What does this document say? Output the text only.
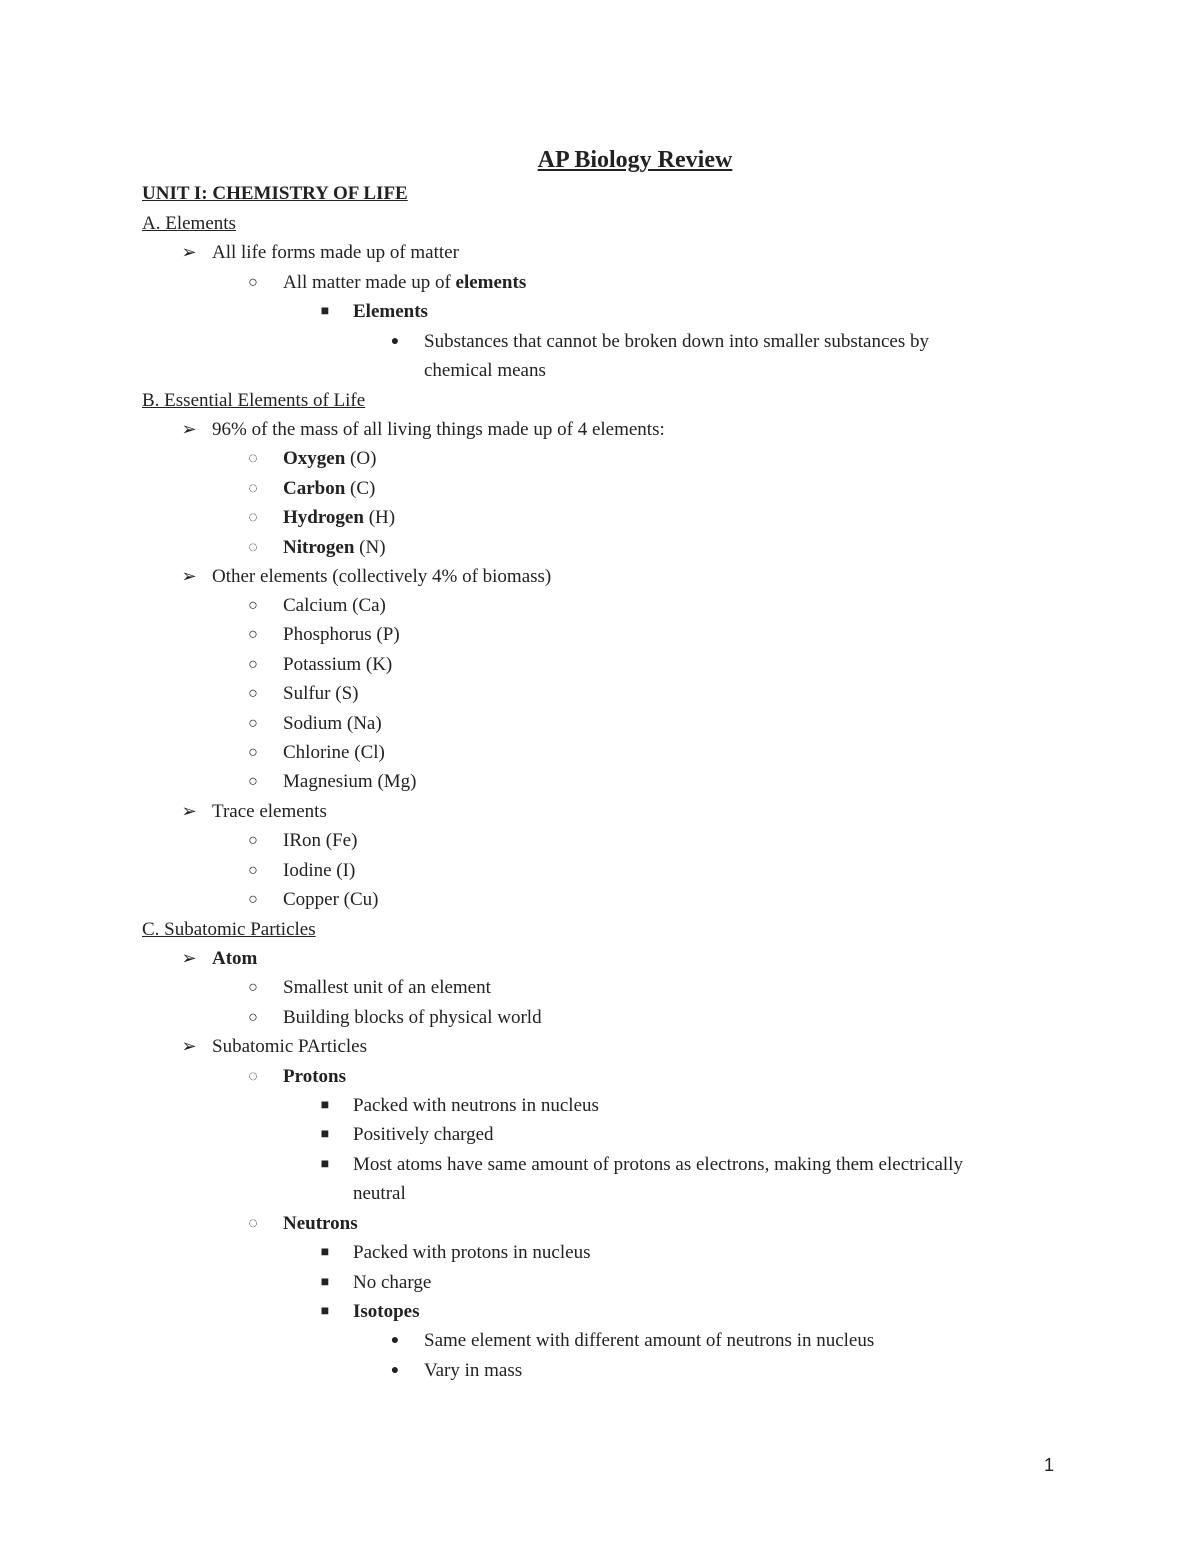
AP Biology Review
UNIT I: CHEMISTRY OF LIFE
A. Elements
➢ All life forms made up of matter
○	All matter made up of elements
■	Elements
●	Substances that cannot be broken down into smaller substances by
chemical means
B. Essential Elements of Life
➢ 96% of the mass of all living things made up of 4 elements:
◌	Oxygen (O)
◌	Carbon (C)
◌	Hydrogen (H)
◌	Nitrogen (N)
➢ Other elements (collectively 4% of biomass)
○	Calcium (Ca)
○	Phosphorus (P)
○	Potassium (K)
○	Sulfur (S)
○	Sodium (Na)
○	Chlorine (Cl)
○	Magnesium (Mg)
➢ Trace elements
○	IRon (Fe)
○	Iodine (I)
○	Copper (Cu)
C. Subatomic Particles
➢ Atom
○	Smallest unit of an element
○	Building blocks of physical world
➢ Subatomic PArticles
◌	Protons
■	Packed with neutrons in nucleus
■	Positively charged
■	Most atoms have same amount of protons as electrons, making them electrically
neutral
◌	Neutrons
■	Packed with protons in nucleus
■	No charge
■	Isotopes
●	Same element with different amount of neutrons in nucleus
●	Vary in mass
1
